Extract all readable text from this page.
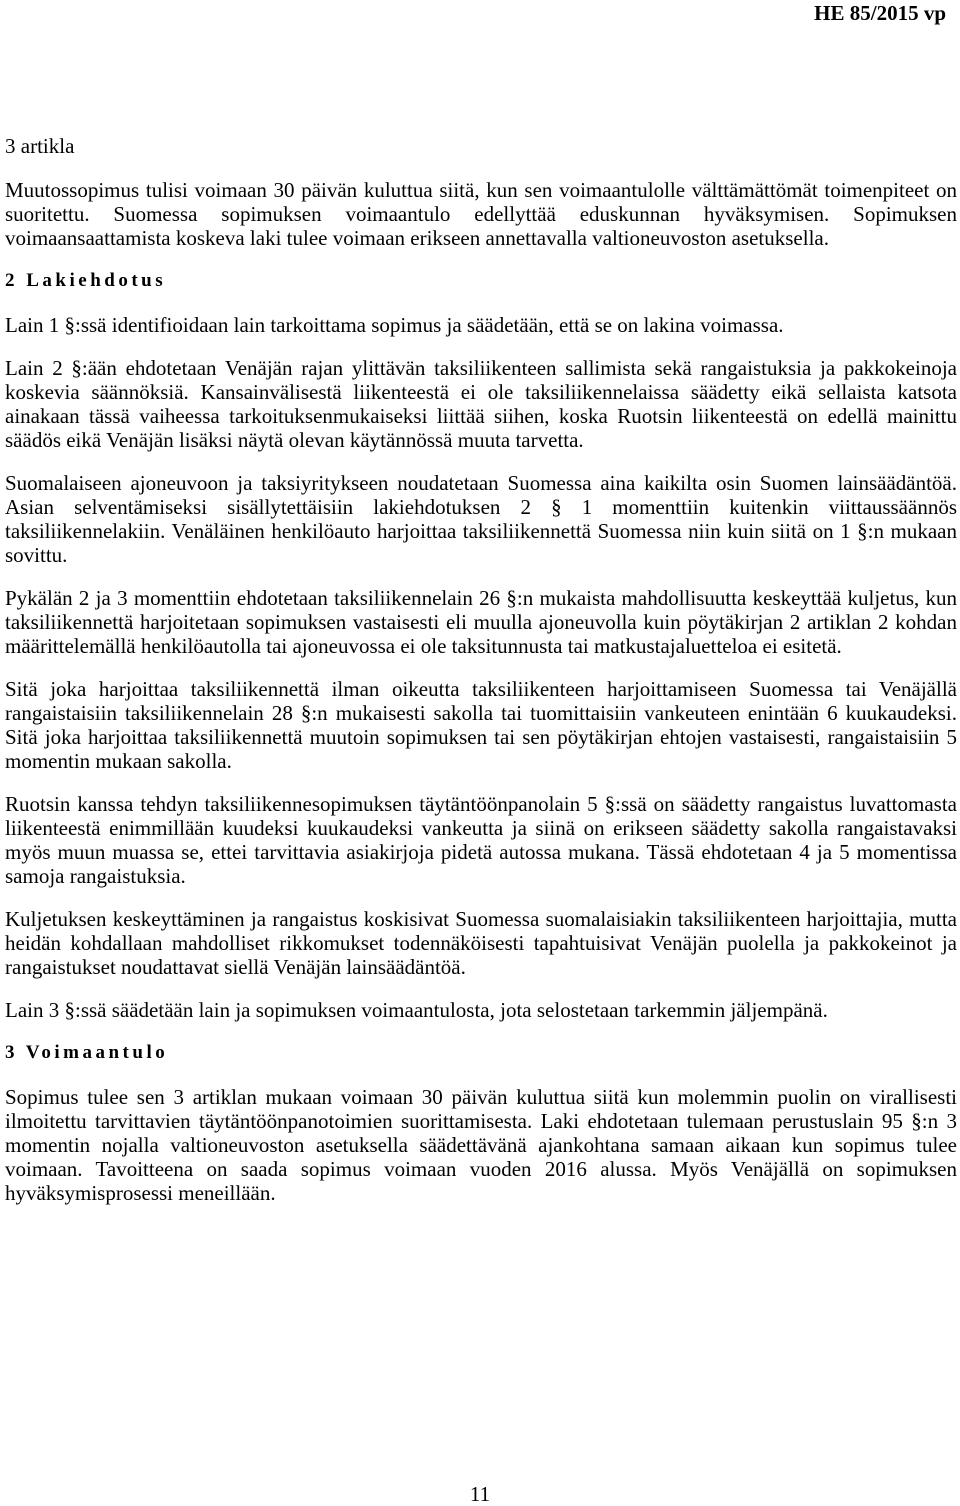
HE 85/2015 vp
3 artikla

Muutossopimus tulisi voimaan 30 päivän kuluttua siitä, kun sen voimaantulolle välttämättömät toimenpiteet on suoritettu. Suomessa sopimuksen voimaantulo edellyttää eduskunnan hyväksymisen. Sopimuksen voimaansaattamista koskeva laki tulee voimaan erikseen annettavalla valtioneuvoston asetuksella.

2 Lakiehdotus

Lain 1 §:ssä identifioidaan lain tarkoittama sopimus ja säädetään, että se on lakina voimassa.

Lain 2 §:ään ehdotetaan Venäjän rajan ylittävän taksiliikenteen sallimista sekä rangaistuksia ja pakkokeinoja koskevia säännöksiä. Kansainvälisestä liikenteestä ei ole taksiliikennelaissa säädetty eikä sellaista katsota ainakaan tässä vaiheessa tarkoituksenmukaiseksi liittää siihen, koska Ruotsin liikenteestä on edellä mainittu säädös eikä Venäjän lisäksi näytä olevan käytännössä muuta tarvetta.

Suomalaiseen ajoneuvoon ja taksiyritykseen noudatetaan Suomessa aina kaikilta osin Suomen lainsäädäntöä. Asian selventämiseksi sisällytettäisiin lakiehdotuksen 2 § 1 momenttiin kuitenkin viittaussäännös taksiliikennelakiin. Venäläinen henkilöauto harjoittaa taksiliikennettä Suomessa niin kuin siitä on 1 §:n mukaan sovittu.

Pykälän 2 ja 3 momenttiin ehdotetaan taksiliikennelain 26 §:n mukaista mahdollisuutta keskeyttää kuljetus, kun taksiliikennettä harjoitetaan sopimuksen vastaisesti eli muulla ajoneuvolla kuin pöytäkirjan 2 artiklan 2 kohdan määrittelemällä henkilöautolla tai ajoneuvossa ei ole taksitunnusta tai matkustajaluetteloa ei esitetä.

Sitä joka harjoittaa taksiliikennettä ilman oikeutta taksiliikenteen harjoittamiseen Suomessa tai Venäjällä rangaistaisiin taksiliikennelain 28 §:n mukaisesti sakolla tai tuomittaisiin vankeuteen enintään 6 kuukaudeksi. Sitä joka harjoittaa taksiliikennettä muutoin sopimuksen tai sen pöytäkirjan ehtojen vastaisesti, rangaistaisiin 5 momentin mukaan sakolla.

Ruotsin kanssa tehdyn taksiliikennesopimuksen täytäntöönpanolain 5 §:ssä on säädetty rangaistus luvattomasta liikenteestä enimmillään kuudeksi kuukaudeksi vankeutta ja siinä on erikseen säädetty sakolla rangaistavaksi myös muun muassa se, ettei tarvittavia asiakirjoja pidetä autossa mukana. Tässä ehdotetaan 4 ja 5 momentissa samoja rangaistuksia.

Kuljetuksen keskeyttäminen ja rangaistus koskisivat Suomessa suomalaisiakin taksiliikenteen harjoittajia, mutta heidän kohdallaan mahdolliset rikkomukset todennäköisesti tapahtuisivat Venäjän puolella ja pakkokeinot ja rangaistukset noudattavat siellä Venäjän lainsäädäntöä.

Lain 3 §:ssä säädetään lain ja sopimuksen voimaantulosta, jota selostetaan tarkemmin jäljempänä.

3 Voimaantulo

Sopimus tulee sen 3 artiklan mukaan voimaan 30 päivän kuluttua siitä kun molemmin puolin on virallisesti ilmoitettu tarvittavien täytäntöönpanotoimien suorittamisesta. Laki ehdotetaan tulemaan perustuslain 95 §:n 3 momentin nojalla valtioneuvoston asetuksella säädettävänä ajankohtana samaan aikaan kun sopimus tulee voimaan. Tavoitteena on saada sopimus voimaan vuoden 2016 alussa. Myös Venäjällä on sopimuksen hyväksymisprosessi meneillään.

11
